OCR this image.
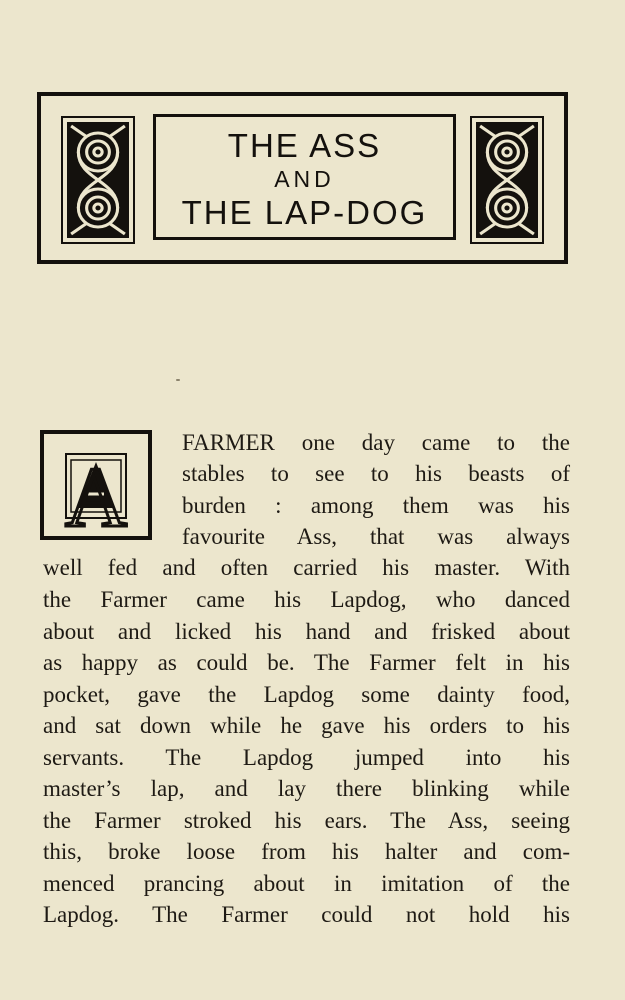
THE ASS
AND
THE LAP-DOG
A
FARMER one day came to the
stables to see to his beasts of
burden : among them was his
favourite Ass, that was always
well fed and often carried his master. With
the Farmer came his Lapdog, who danced
about and licked his hand and frisked about
as happy as could be. The Farmer felt in his
pocket, gave the Lapdog some dainty food,
and sat down while he gave his orders to his
servants. The Lapdog jumped into his
master’s lap, and lay there blinking while
the Farmer stroked his ears. The Ass, seeing
this, broke loose from his halter and com-
menced prancing about in imitation of the
Lapdog. The Farmer could not hold his
